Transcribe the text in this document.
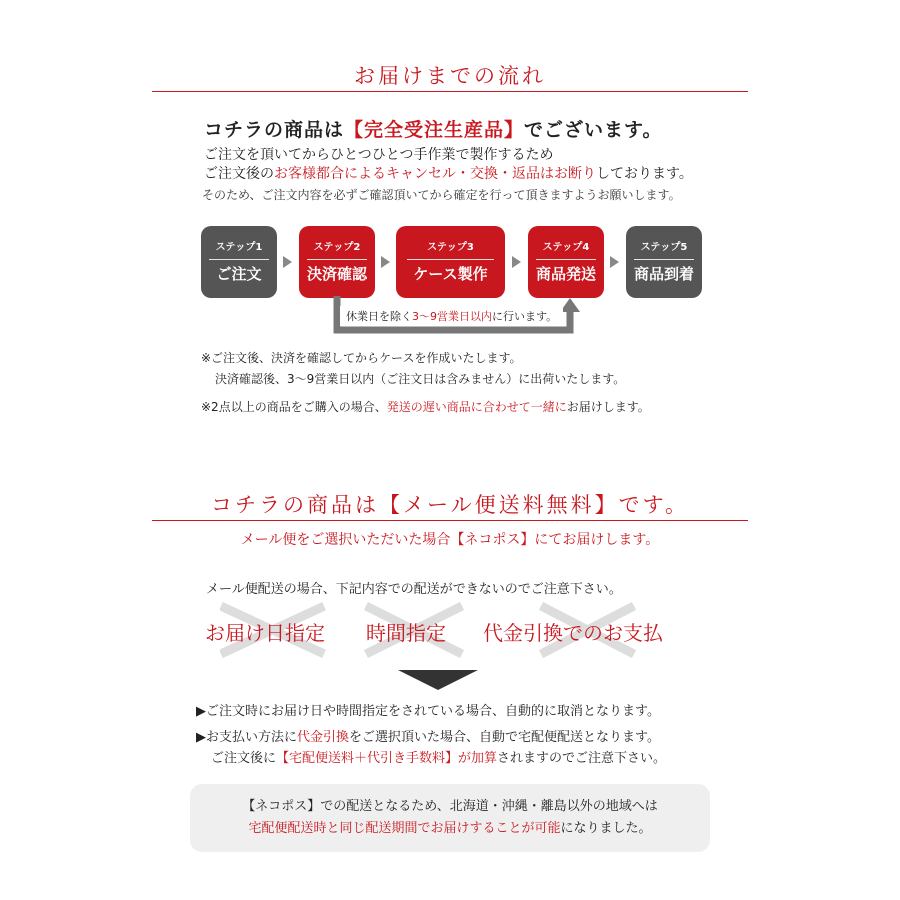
お届けまでの流れ
コチラの商品は【完全受注生産品】でございます。
ご注文を頂いてからひとつひとつ手作業で製作するため
ご注文後のお客様都合によるキャンセル・交換・返品はお断りしております。
そのため、ご注文内容を必ずご確認頂いてから確定を行って頂きますようお願いします。
ステップ1
ご注文
ステップ2
決済確認
ステップ3
ケース製作
ステップ4
商品発送
ステップ5
商品到着
休業日を除く3～9営業日以内に行います。
※ご注文後、決済を確認してからケースを作成いたします。
決済確認後、3～9営業日以内（ご注文日は含みません）に出荷いたします。
※2点以上の商品をご購入の場合、発送の遅い商品に合わせて一緒にお届けします。
コチラの商品は【メール便送料無料】です。
メール便をご選択いただいた場合【ネコポス】にてお届けします。
メール便配送の場合、下記内容での配送ができないのでご注意下さい。
お届け日指定 時間指定 代金引換でのお支払
▶ご注文時にお届け日や時間指定をされている場合、自動的に取消となります。
▶お支払い方法に代金引換をご選択頂いた場合、自動で宅配便配送となります。
ご注文後に【宅配便送料＋代引き手数料】が加算されますのでご注意下さい。
【ネコポス】での配送となるため、北海道・沖縄・離島以外の地域へは
宅配便配送時と同じ配送期間でお届けすることが可能になりました。
